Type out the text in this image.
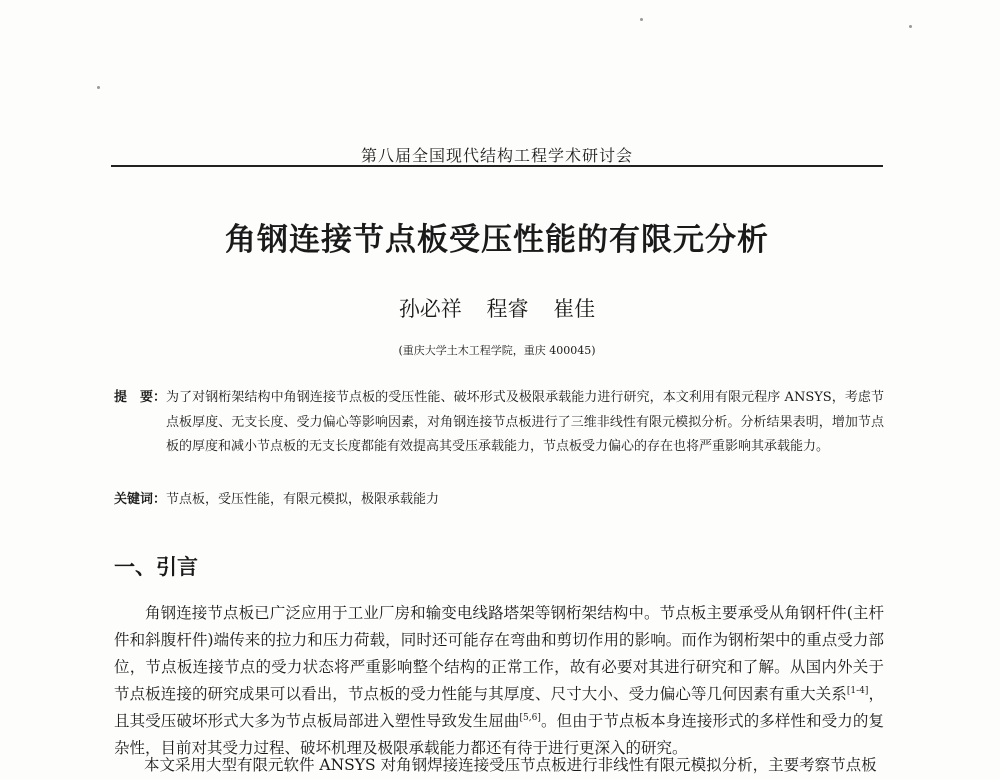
第八届全国现代结构工程学术研讨会
角钢连接节点板受压性能的有限元分析
孙必祥 程睿 崔佳
(重庆大学土木工程学院，重庆 400045)
提　要： 为了对钢桁架结构中角钢连接节点板的受压性能、破坏形式及极限承载能力进行研究，本文利用有限元程序 ANSYS，考虑节点板厚度、无支长度、受力偏心等影响因素，对角钢连接节点板进行了三维非线性有限元模拟分析。分析结果表明，增加节点板的厚度和减小节点板的无支长度都能有效提高其受压承载能力，节点板受力偏心的存在也将严重影响其承载能力。
关键词：节点板，受压性能，有限元模拟，极限承载能力
一、引言

角钢连接节点板已广泛应用于工业厂房和输变电线路塔架等钢桁架结构中。节点板主要承受从角钢杆件(主杆件和斜腹杆件)端传来的拉力和压力荷载，同时还可能存在弯曲和剪切作用的影响。而作为钢桁架中的重点受力部位，节点板连接节点的受力状态将严重影响整个结构的正常工作，故有必要对其进行研究和了解。从国内外关于节点板连接的研究成果可以看出，节点板的受力性能与其厚度、尺寸大小、受力偏心等几何因素有重大关系[1-4]，且其受压破坏形式大多为节点板局部进入塑性导致发生屈曲[5,6]。但由于节点板本身连接形式的多样性和受力的复杂性，目前对其受力过程、破坏机理及极限承载能力都还有待于进行更深入的研究。

本文采用大型有限元软件 ANSYS 对角钢焊接连接受压节点板进行非线性有限元模拟分析，主要考察节点板
